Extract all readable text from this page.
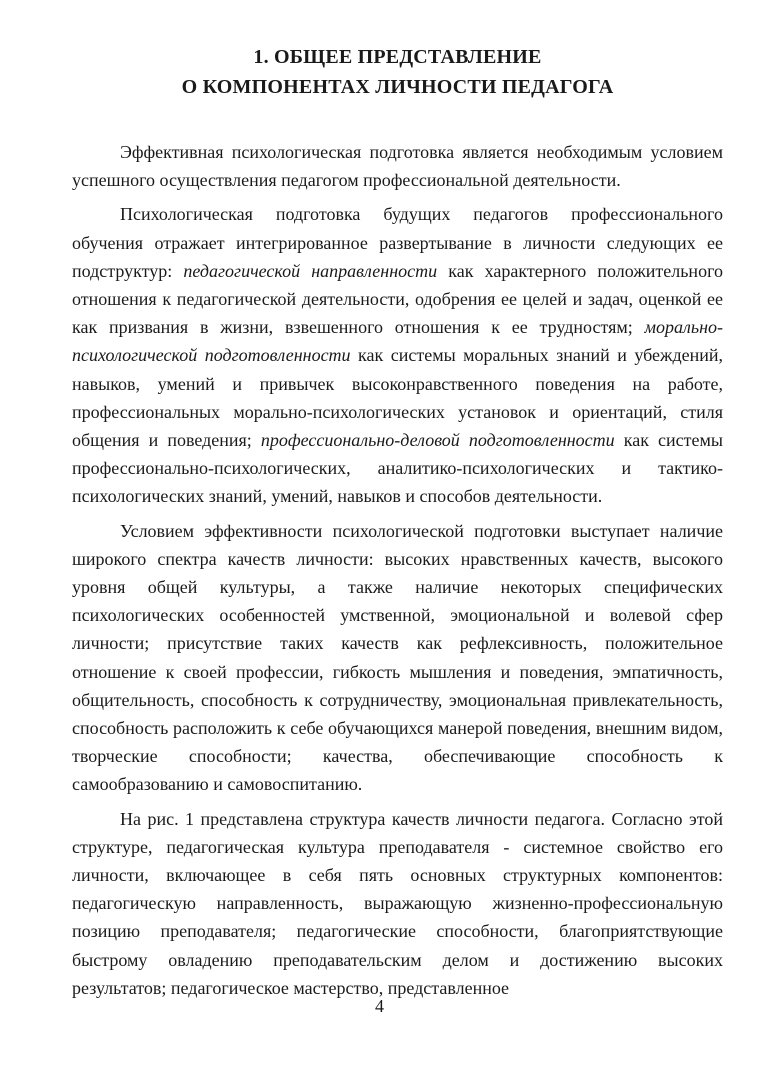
1. ОБЩЕЕ ПРЕДСТАВЛЕНИЕ
О КОМПОНЕНТАХ ЛИЧНОСТИ ПЕДАГОГА

Эффективная психологическая подготовка является необходимым условием успешного осуществления педагогом профессиональной деятельности.

Психологическая подготовка будущих педагогов профессионального обучения отражает интегрированное развертывание в личности следующих ее подструктур: педагогической направленности как характерного положительного отношения к педагогической деятельности, одобрения ее целей и задач, оценкой ее как призвания в жизни, взвешенного отношения к ее трудностям; морально-психологической подготовленности как системы моральных знаний и убеждений, навыков, умений и привычек высоконравственного поведения на работе, профессиональных морально-психологических установок и ориентаций, стиля общения и поведения; профессионально-деловой подготовленности как системы профессионально-психологических, аналитико-психологических и тактико-психологических знаний, умений, навыков и способов деятельности.

Условием эффективности психологической подготовки выступает наличие широкого спектра качеств личности: высоких нравственных качеств, высокого уровня общей культуры, а также наличие некоторых специфических психологических особенностей умственной, эмоциональной и волевой сфер личности; присутствие таких качеств как рефлексивность, положительное отношение к своей профессии, гибкость мышления и поведения, эмпатичность, общительность, способность к сотрудничеству, эмоциональная привлекательность, способность расположить к себе обучающихся манерой поведения, внешним видом, творческие способности; качества, обеспечивающие способность к самообразованию и самовоспитанию.

На рис. 1 представлена структура качеств личности педагога. Согласно этой структуре, педагогическая культура преподавателя - системное свойство его личности, включающее в себя пять основных структурных компонентов: педагогическую направленность, выражающую жизненно-профессиональную позицию преподавателя; педагогические способности, благоприятствующие быстрому овладению преподавательским делом и достижению высоких результатов; педагогическое мастерство, представленное

4
